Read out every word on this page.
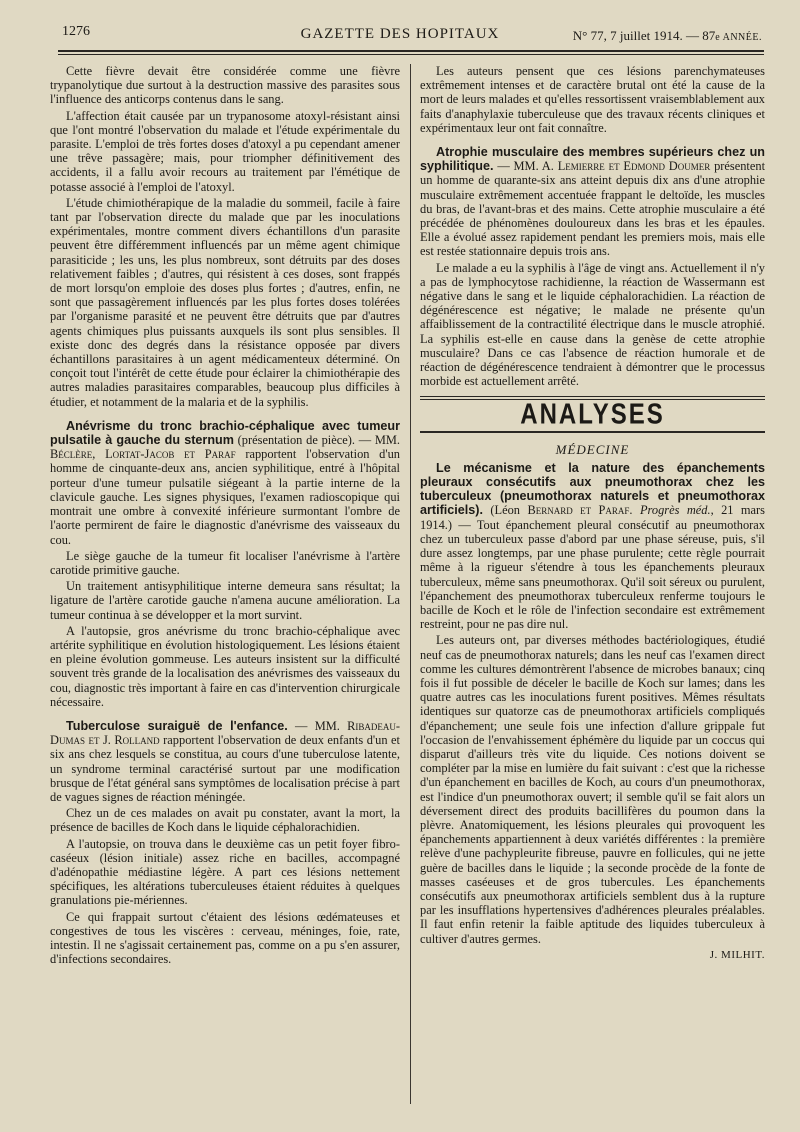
1276	GAZETTE DES HOPITAUX	N° 77, 7 juillet 1914. — 87e ANNÉE.

Cette fièvre devait être considérée comme une fièvre trypanolytique due surtout à la destruction massive des parasites sous l'influence des anticorps contenus dans le sang.

L'affection était causée par un trypanosome atoxyl-résistant ainsi que l'ont montré l'observation du malade et l'étude expérimentale du parasite. L'emploi de très fortes doses d'atoxyl a pu cependant amener une trêve passagère; mais, pour triompher définitivement des accidents, il a fallu avoir recours au traitement par l'émétique de potasse associé à l'emploi de l'atoxyl.

L'étude chimiothérapique de la maladie du sommeil, facile à faire tant par l'observation directe du malade que par les inoculations expérimentales, montre comment divers échantillons d'un parasite peuvent être différemment influencés par un même agent chimique parasiticide ; les uns, les plus nombreux, sont détruits par des doses relativement faibles ; d'autres, qui résistent à ces doses, sont frappés de mort lorsqu'on emploie des doses plus fortes ; d'autres, enfin, ne sont que passagèrement influencés par les plus fortes doses tolérées par l'organisme parasité et ne peuvent être détruits que par d'autres agents chimiques plus puissants auxquels ils sont plus sensibles. Il existe donc des degrés dans la résistance opposée par divers échantillons parasitaires à un agent médicamenteux déterminé. On conçoit tout l'intérêt de cette étude pour éclairer la chimiothérapie des autres maladies parasitaires comparables, beaucoup plus difficiles à étudier, et notamment de la malaria et de la syphilis.

Anévrisme du tronc brachio-céphalique avec tumeur pulsatile à gauche du sternum (présentation de pièce). — MM. Béclère, Lortat-Jacob et Paraf rapportent l'observation d'un homme de cinquante-deux ans, ancien syphilitique, entré à l'hôpital porteur d'une tumeur pulsatile siégeant à la partie interne de la clavicule gauche. Les signes physiques, l'examen radioscopique qui montrait une ombre à convexité inférieure surmontant l'ombre de l'aorte permirent de faire le diagnostic d'anévrisme des vaisseaux du cou.

Le siège gauche de la tumeur fit localiser l'anévrisme à l'artère carotide primitive gauche.

Un traitement antisyphilitique interne demeura sans résultat; la ligature de l'artère carotide gauche n'amena aucune amélioration. La tumeur continua à se développer et la mort survint.

A l'autopsie, gros anévrisme du tronc brachio-céphalique avec artérite syphilitique en évolution histologiquement. Les lésions étaient en pleine évolution gommeuse. Les auteurs insistent sur la difficulté souvent très grande de la localisation des anévrismes des vaisseaux du cou, diagnostic très important à faire en cas d'intervention chirurgicale nécessaire.

Tuberculose suraiguë de l'enfance. — MM. Ribadeau-Dumas et J. Rolland rapportent l'observation de deux enfants d'un et six ans chez lesquels se constitua, au cours d'une tuberculose latente, un syndrome terminal caractérisé surtout par une modification brusque de l'état général sans symptômes de localisation précise à part de vagues signes de réaction méningée.

Chez un de ces malades on avait pu constater, avant la mort, la présence de bacilles de Koch dans le liquide céphalorachidien.

A l'autopsie, on trouva dans le deuxième cas un petit foyer fibro-caséeux (lésion initiale) assez riche en bacilles, accompagné d'adénopathie médiastine légère. A part ces lésions nettement spécifiques, les altérations tuberculeuses étaient réduites à quelques granulations pie-mériennes.

Ce qui frappait surtout c'étaient des lésions œdémateuses et congestives de tous les viscères : cerveau, méninges, foie, rate, intestin. Il ne s'agissait certainement pas, comme on a pu s'en assurer, d'infections secondaires.

Les auteurs pensent que ces lésions parenchymateuses extrêmement intenses et de caractère brutal ont été la cause de la mort de leurs malades et qu'elles ressortissent vraisemblablement aux faits d'anaphylaxie tuberculeuse que des travaux récents cliniques et expérimentaux leur ont fait connaître.

Atrophie musculaire des membres supérieurs chez un syphilitique. — MM. A. Lemierre et Edmond Doumer présentent un homme de quarante-six ans atteint depuis dix ans d'une atrophie musculaire extrêmement accentuée frappant le deltoïde, les muscles du bras, de l'avant-bras et des mains. Cette atrophie musculaire a été précédée de phénomènes douloureux dans les bras et les épaules. Elle a évolué assez rapidement pendant les premiers mois, mais elle est restée stationnaire depuis trois ans.

Le malade a eu la syphilis à l'âge de vingt ans. Actuellement il n'y a pas de lymphocytose rachidienne, la réaction de Wassermann est négative dans le sang et le liquide céphalorachidien. La réaction de dégénérescence est négative; le malade ne présente qu'un affaiblissement de la contractilité électrique dans le muscle atrophié. La syphilis est-elle en cause dans la genèse de cette atrophie musculaire? Dans ce cas l'absence de réaction humorale et de réaction de dégénérescence tendraient à démontrer que le processus morbide est actuellement arrêté.

ANALYSES
MÉDECINE

Le mécanisme et la nature des épanchements pleuraux consécutifs aux pneumothorax chez les tuberculeux (pneumothorax naturels et pneumothorax artificiels). (Léon Bernard et Paraf. Progrès méd., 21 mars 1914.) — Tout épanchement pleural consécutif au pneumothorax chez un tuberculeux passe d'abord par une phase séreuse, puis, s'il dure assez longtemps, par une phase purulente; cette règle pourrait même à la rigueur s'étendre à tous les épanchements pleuraux tuberculeux, même sans pneumothorax. Qu'il soit séreux ou purulent, l'épanchement des pneumothorax tuberculeux renferme toujours le bacille de Koch et le rôle de l'infection secondaire est extrêmement restreint, pour ne pas dire nul.

Les auteurs ont, par diverses méthodes bactériologiques, étudié neuf cas de pneumothorax naturels; dans les neuf cas l'examen direct comme les cultures démontrèrent l'absence de microbes banaux; cinq fois il fut possible de déceler le bacille de Koch sur lames; dans les quatre autres cas les inoculations furent positives. Mêmes résultats identiques sur quatorze cas de pneumothorax artificiels compliqués d'épanchement; une seule fois une infection d'allure grippale fut l'occasion de l'envahissement éphémère du liquide par un coccus qui disparut d'ailleurs très vite du liquide. Ces notions doivent se compléter par la mise en lumière du fait suivant : c'est que la richesse d'un épanchement en bacilles de Koch, au cours d'un pneumothorax, est l'indice d'un pneumothorax ouvert; il semble qu'il se fait alors un déversement direct des produits bacillifères du poumon dans la plèvre. Anatomiquement, les lésions pleurales qui provoquent les épanchements appartiennent à deux variétés différentes : la première relève d'une pachypleurite fibreuse, pauvre en follicules, qui ne jette guère de bacilles dans le liquide ; la seconde procède de la fonte de masses caséeuses et de gros tubercules. Les épanchements consécutifs aux pneumothorax artificiels semblent dus à la rupture par les insufflations hypertensives d'adhérences pleurales préalables. Il faut enfin retenir la faible aptitude des liquides tuberculeux à cultiver d'autres germes.

J. MILHIT.
